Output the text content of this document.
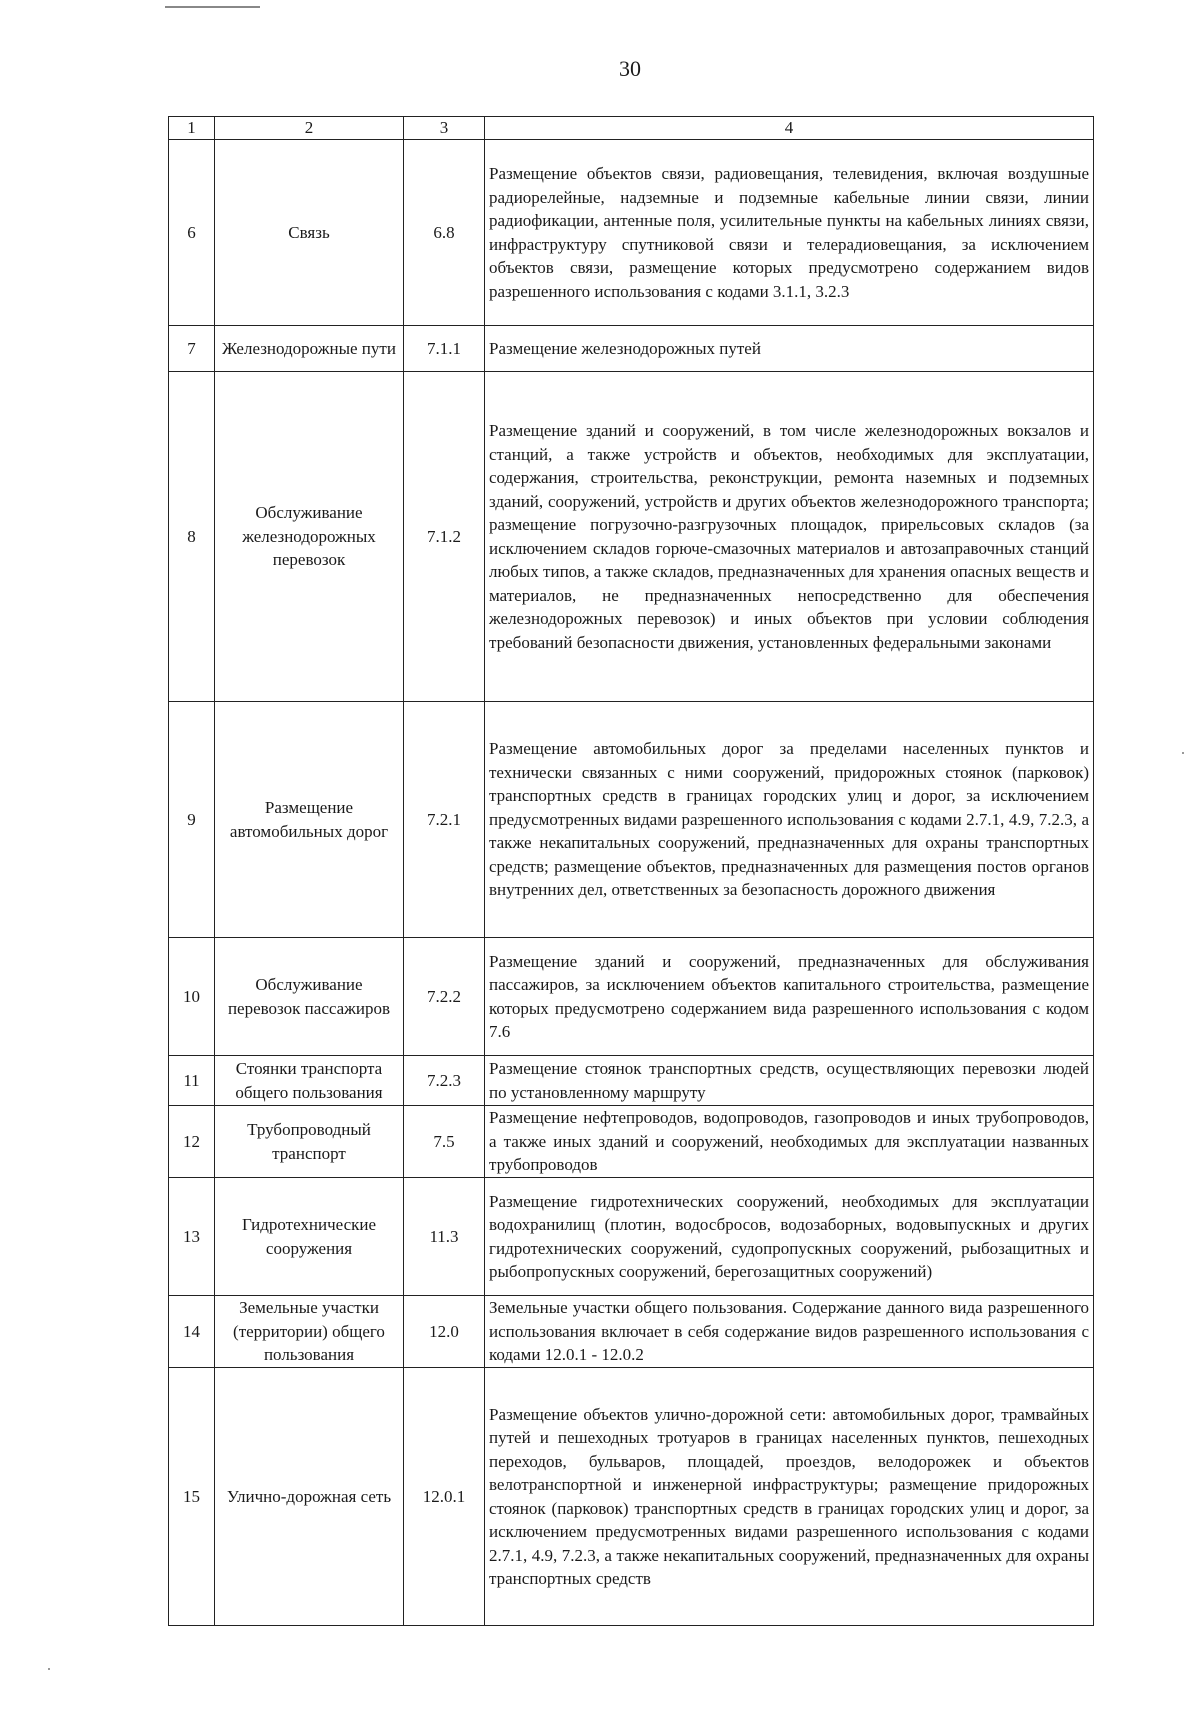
30
1	2	3	4
6	Связь	6.8	Размещение объектов связи, радиовещания, телевидения, включая воздушные радиорелейные, надземные и подземные кабельные линии связи, линии радиофикации, антенные поля, усилительные пункты на кабельных линиях связи, инфраструктуру спутниковой связи и телерадиовещания, за исключением объектов связи, размещение которых предусмотрено содержанием видов разрешенного использования с кодами 3.1.1, 3.2.3
7	Железнодорожные пути	7.1.1	Размещение железнодорожных путей
8	Обслуживание железнодорожных перевозок	7.1.2	Размещение зданий и сооружений, в том числе железнодорожных вокзалов и станций, а также устройств и объектов, необходимых для эксплуатации, содержания, строительства, реконструкции, ремонта наземных и подземных зданий, сооружений, устройств и других объектов железнодорожного транспорта; размещение погрузочно-разгрузочных площадок, прирельсовых складов (за исключением складов горюче-смазочных материалов и автозаправочных станций любых типов, а также складов, предназначенных для хранения опасных веществ и материалов, не предназначенных непосредственно для обеспечения железнодорожных перевозок) и иных объектов при условии соблюдения требований безопасности движения, установленных федеральными законами
9	Размещение автомобильных дорог	7.2.1	Размещение автомобильных дорог за пределами населенных пунктов и технически связанных с ними сооружений, придорожных стоянок (парковок) транспортных средств в границах городских улиц и дорог, за исключением предусмотренных видами разрешенного использования с кодами 2.7.1, 4.9, 7.2.3, а также некапитальных сооружений, предназначенных для охраны транспортных средств; размещение объектов, предназначенных для размещения постов органов внутренних дел, ответственных за безопасность дорожного движения
10	Обслуживание перевозок пассажиров	7.2.2	Размещение зданий и сооружений, предназначенных для обслуживания пассажиров, за исключением объектов капитального строительства, размещение которых предусмотрено содержанием вида разрешенного использования с кодом 7.6
11	Стоянки транспорта общего пользования	7.2.3	Размещение стоянок транспортных средств, осуществляющих перевозки людей по установленному маршруту
12	Трубопроводный транспорт	7.5	Размещение нефтепроводов, водопроводов, газопроводов и иных трубопроводов, а также иных зданий и сооружений, необходимых для эксплуатации названных трубопроводов
13	Гидротехнические сооружения	11.3	Размещение гидротехнических сооружений, необходимых для эксплуатации водохранилищ (плотин, водосбросов, водозаборных, водовыпускных и других гидротехнических сооружений, судопропускных сооружений, рыбозащитных и рыбопропускных сооружений, берегозащитных сооружений)
14	Земельные участки (территории) общего пользования	12.0	Земельные участки общего пользования. Содержание данного вида разрешенного использования включает в себя содержание видов разрешенного использования с кодами 12.0.1 - 12.0.2
15	Улично-дорожная сеть	12.0.1	Размещение объектов улично-дорожной сети: автомобильных дорог, трамвайных путей и пешеходных тротуаров в границах населенных пунктов, пешеходных переходов, бульваров, площадей, проездов, велодорожек и объектов велотранспортной и инженерной инфраструктуры; размещение придорожных стоянок (парковок) транспортных средств в границах городских улиц и дорог, за исключением предусмотренных видами разрешенного использования с кодами 2.7.1, 4.9, 7.2.3, а также некапитальных сооружений, предназначенных для охраны транспортных средств
